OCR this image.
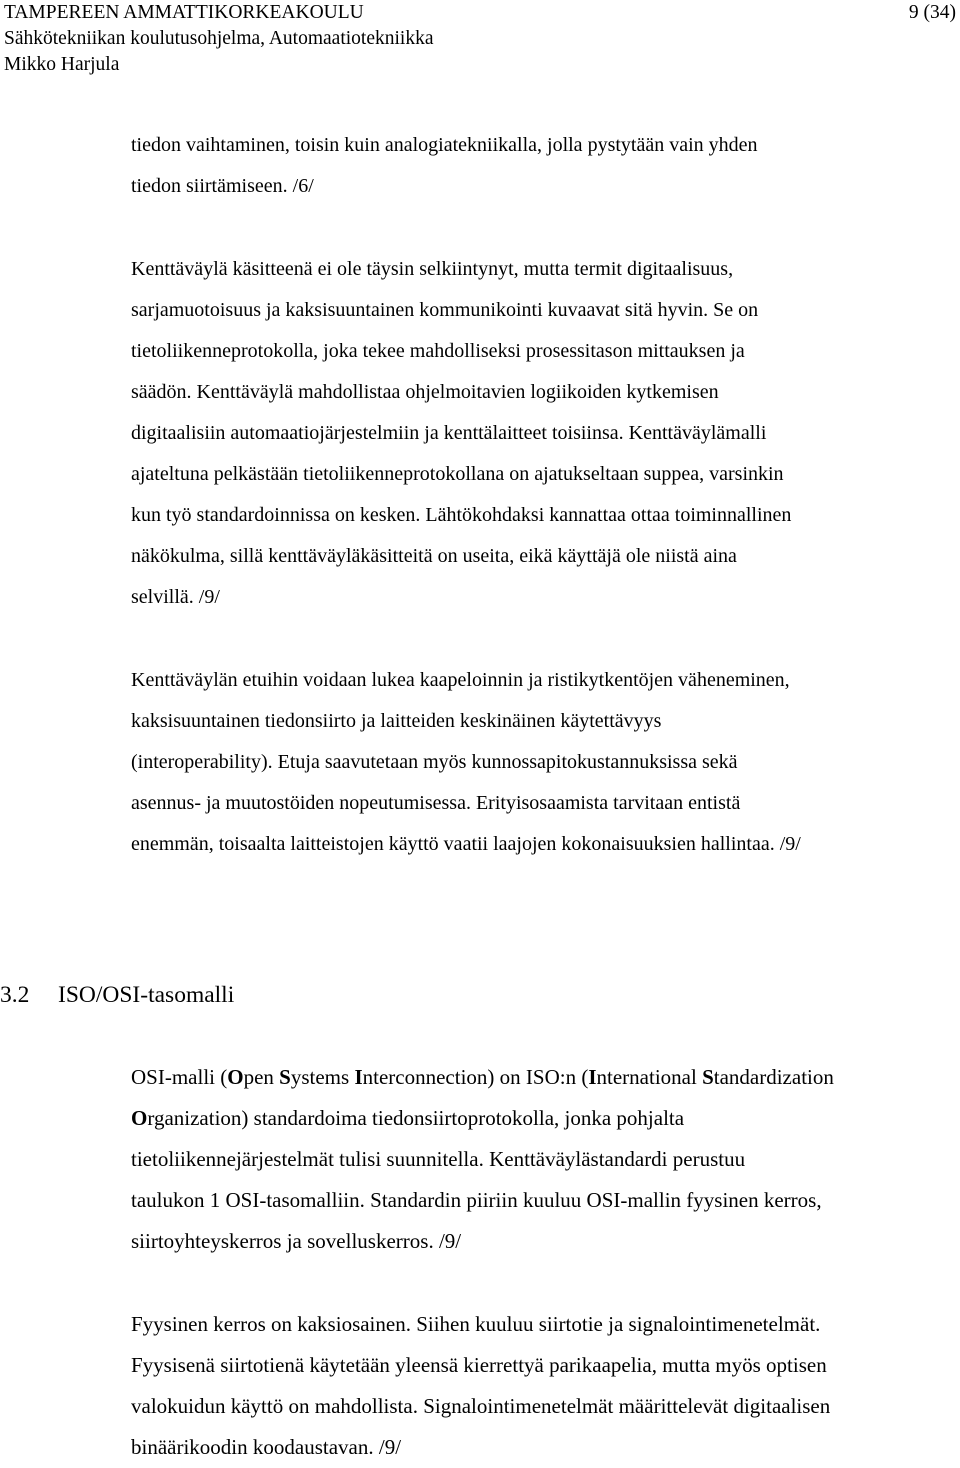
TAMPEREEN AMMATTIKORKEAKOULU
Sähkötekniikan koulutusohjelma, Automaatiotekniikka
Mikko Harjula
9 (34)
tiedon vaihtaminen, toisin kuin analogiatekniikalla, jolla pystytään vain yhden
tiedon siirtämiseen. /6/
Kenttäväylä käsitteenä ei ole täysin selkiintynyt, mutta termit digitaalisuus,
sarjamuotoisuus ja kaksisuuntainen kommunikointi kuvaavat sitä hyvin. Se on
tietoliikenneprotokolla, joka tekee mahdolliseksi prosessitason mittauksen ja
säädön. Kenttäväylä mahdollistaa ohjelmoitavien logiikoiden kytkemisen
digitaalisiin automaatiojärjestelmiin ja kenttälaitteet toisiinsa. Kenttäväylämalli
ajateltuna pelkästään tietoliikenneprotokollana on ajatukseltaan suppea, varsinkin
kun työ standardoinnissa on kesken. Lähtökohdaksi kannattaa ottaa toiminnallinen
näkökulma, sillä kenttäväyläkäsitteitä on useita, eikä käyttäjä ole niistä aina
selvillä. /9/
Kenttäväylän etuihin voidaan lukea kaapeloinnin ja ristikytkentöjen väheneminen,
kaksisuuntainen tiedonsiirto ja laitteiden keskinäinen käytettävyys
(interoperability). Etuja saavutetaan myös kunnossapitokustannuksissa sekä
asennus- ja muutostöiden nopeutumisessa. Erityisosaamista tarvitaan entistä
enemmän, toisaalta laitteistojen käyttö vaatii laajojen kokonaisuuksien hallintaa. /9/
3.2 ISO/OSI-tasomalli
OSI-malli (Open Systems Interconnection) on ISO:n (International Standardization
Organization) standardoima tiedonsiirtoprotokolla, jonka pohjalta
tietoliikennejärjestelmät tulisi suunnitella. Kenttäväylästandardi perustuu
taulukon 1 OSI-tasomalliin. Standardin piiriin kuuluu OSI-mallin fyysinen kerros,
siirtoyhteyskerros ja sovelluskerros. /9/
Fyysinen kerros on kaksiosainen. Siihen kuuluu siirtotie ja signalointimenetelmät.
Fyysisenä siirtotienä käytetään yleensä kierrettyä parikaapelia, mutta myös optisen
valokuidun käyttö on mahdollista. Signalointimenetelmät määrittelevät digitaalisen
binäärikoodin koodaustavan. /9/
